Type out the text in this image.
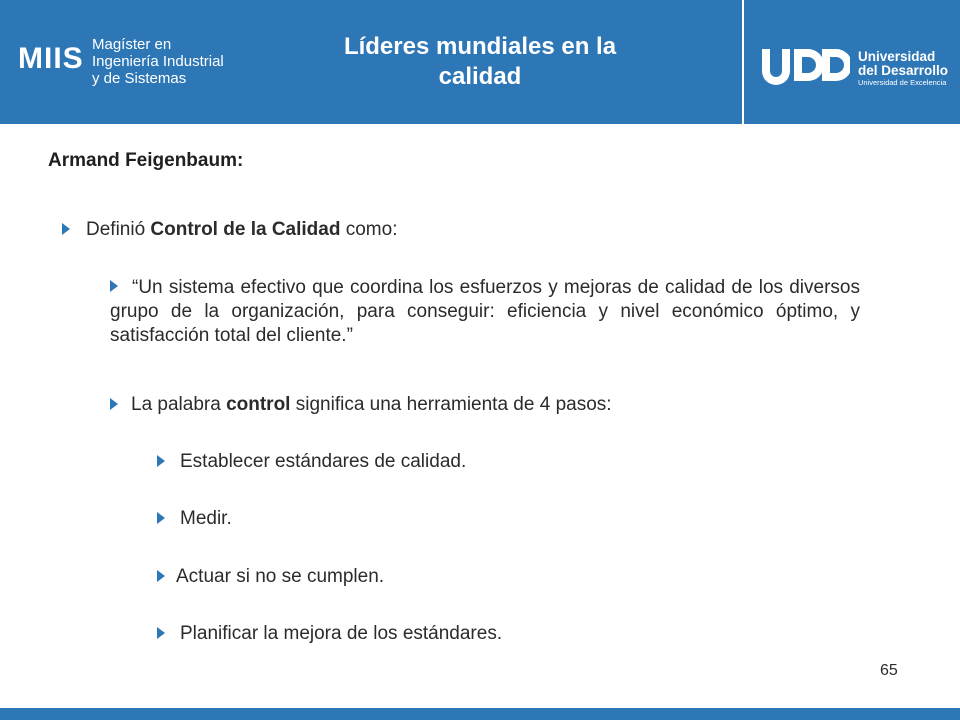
MIIS Magíster en
Ingeniería Industrial
y de Sistemas
Líderes mundiales en la
calidad
Universidad
del Desarrollo
Universidad de Excelencia
Armand Feigenbaum:
Definió Control de la Calidad como:
“Un sistema efectivo que coordina los esfuerzos y mejoras de calidad de los diversos grupo de la organización, para conseguir: eficiencia y nivel económico óptimo, y satisfacción total del cliente.”
La palabra control significa una herramienta de 4 pasos:
Establecer estándares de calidad.
Medir.
Actuar si no se cumplen.
Planificar la mejora de los estándares.
65
